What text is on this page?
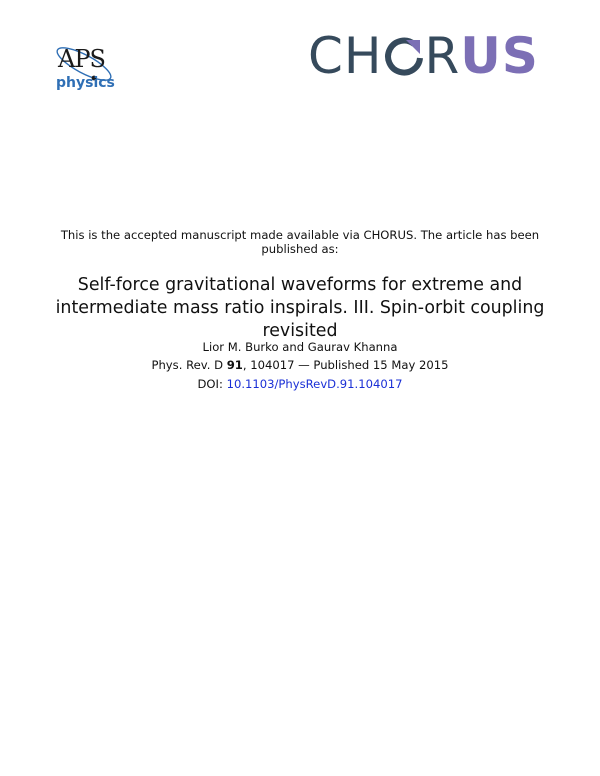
APS
physics	CH RUS
This is the accepted manuscript made available via CHORUS. The article has been published as:
Self-force gravitational waveforms for extreme and intermediate mass ratio inspirals. III. Spin-orbit coupling revisited
Lior M. Burko and Gaurav Khanna
Phys. Rev. D 91, 104017 — Published 15 May 2015
DOI: 10.1103/PhysRevD.91.104017
